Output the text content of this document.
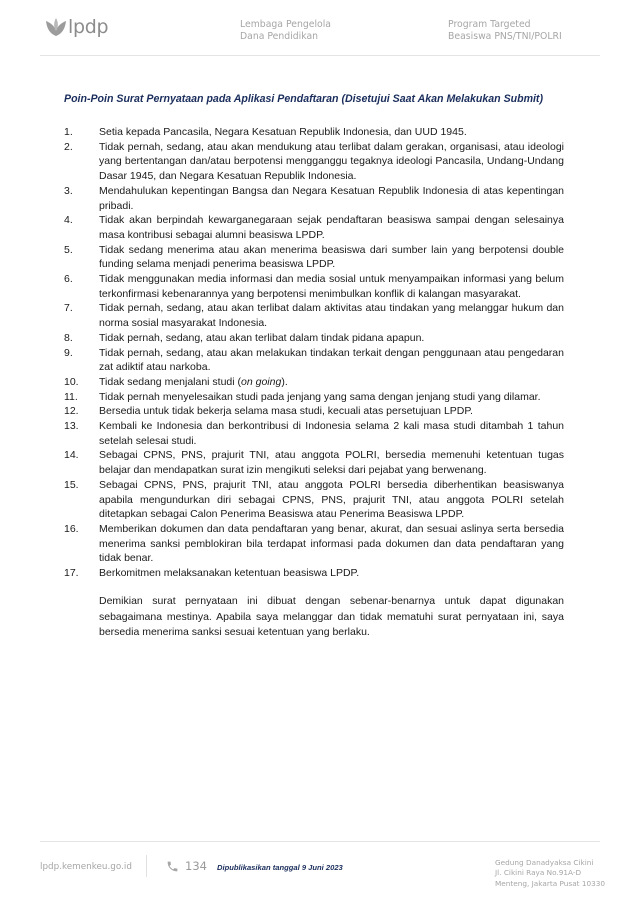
lpdp	Lembaga Pengelola
Dana Pendidikan
Program Targeted
Beasiswa PNS/TNI/POLRI
Poin-Poin Surat Pernyataan pada Aplikasi Pendaftaran (Disetujui Saat Akan Melakukan Submit)
1.	Setia kepada Pancasila, Negara Kesatuan Republik Indonesia, dan UUD 1945.
2.	Tidak pernah, sedang, atau akan mendukung atau terlibat dalam gerakan, organisasi, atau ideologi yang bertentangan dan/atau berpotensi mengganggu tegaknya ideologi Pancasila, Undang-Undang Dasar 1945, dan Negara Kesatuan Republik Indonesia.
3.	Mendahulukan kepentingan Bangsa dan Negara Kesatuan Republik Indonesia di atas kepentingan pribadi.
4.	Tidak akan berpindah kewarganegaraan sejak pendaftaran beasiswa sampai dengan selesainya masa kontribusi sebagai alumni beasiswa LPDP.
5.	Tidak sedang menerima atau akan menerima beasiswa dari sumber lain yang berpotensi double funding selama menjadi penerima beasiswa LPDP.
6.	Tidak menggunakan media informasi dan media sosial untuk menyampaikan informasi yang belum terkonfirmasi kebenarannya yang berpotensi menimbulkan konflik di kalangan masyarakat.
7.	Tidak pernah, sedang, atau akan terlibat dalam aktivitas atau tindakan yang melanggar hukum dan norma sosial masyarakat Indonesia.
8.	Tidak pernah, sedang, atau akan terlibat dalam tindak pidana apapun.
9.	Tidak pernah, sedang, atau akan melakukan tindakan terkait dengan penggunaan atau pengedaran zat adiktif atau narkoba.
10.	Tidak sedang menjalani studi (on going).
11.	Tidak pernah menyelesaikan studi pada jenjang yang sama dengan jenjang studi yang dilamar.
12.	Bersedia untuk tidak bekerja selama masa studi, kecuali atas persetujuan LPDP.
13.	Kembali ke Indonesia dan berkontribusi di Indonesia selama 2 kali masa studi ditambah 1 tahun setelah selesai studi.
14.	Sebagai CPNS, PNS, prajurit TNI, atau anggota POLRI, bersedia memenuhi ketentuan tugas belajar dan mendapatkan surat izin mengikuti seleksi dari pejabat yang berwenang.
15.	Sebagai CPNS, PNS, prajurit TNI, atau anggota POLRI bersedia diberhentikan beasiswanya apabila mengundurkan diri sebagai CPNS, PNS, prajurit TNI, atau anggota POLRI setelah ditetapkan sebagai Calon Penerima Beasiswa atau Penerima Beasiswa LPDP.
16.	Memberikan dokumen dan data pendaftaran yang benar, akurat, dan sesuai aslinya serta bersedia menerima sanksi pemblokiran bila terdapat informasi pada dokumen dan data pendaftaran yang tidak benar.
17.	Berkomitmen melaksanakan ketentuan beasiswa LPDP.

Demikian surat pernyataan ini dibuat dengan sebenar-benarnya untuk dapat digunakan sebagaimana mestinya. Apabila saya melanggar dan tidak mematuhi surat pernyataan ini, saya bersedia menerima sanksi sesuai ketentuan yang berlaku.

lpdp.kemenkeu.go.id	134 Dipublikasikan tanggal 9 Juni 2023
Gedung Danadyaksa Cikini
Jl. Cikini Raya No.91A-D
Menteng, Jakarta Pusat 10330
